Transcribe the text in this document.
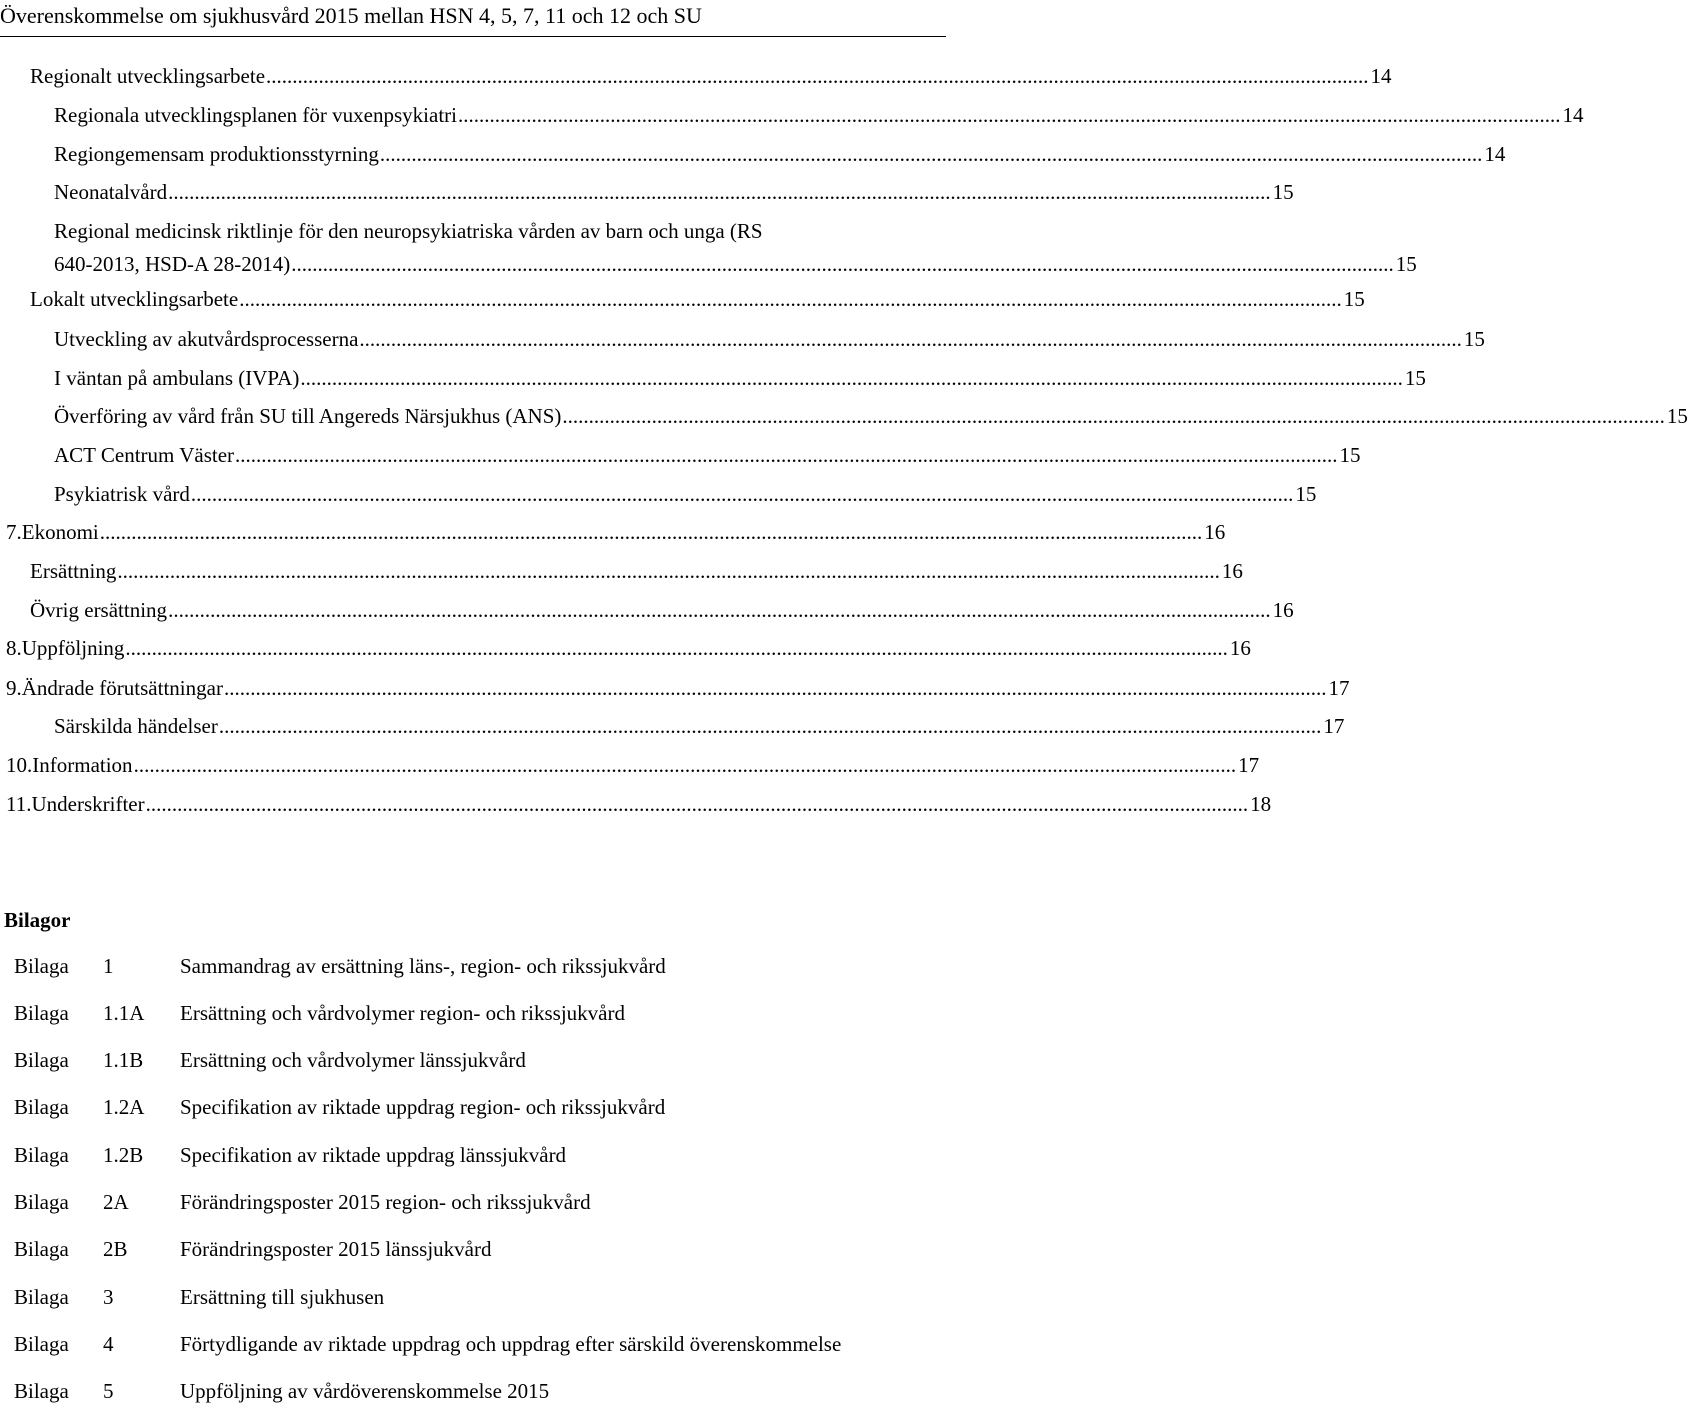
Överenskommelse om sjukhusvård 2015 mellan HSN 4, 5, 7, 11 och 12 och SU
Regionalt utvecklingsarbete .................................................................................................................................................................................................................. 14
Regionala utvecklingsplanen för vuxenpsykiatri .................................................................................................................................................................................................................. 14
Regiongemensam produktionsstyrning .................................................................................................................................................................................................................. 14
Neonatalvård .................................................................................................................................................................................................................. 15
Regional medicinsk riktlinje för den neuropsykiatriska vården av barn och unga (RS
640-2013, HSD-A 28-2014) .................................................................................................................................................................................................................. 15
Lokalt utvecklingsarbete .................................................................................................................................................................................................................. 15
Utveckling av akutvårdsprocesserna .................................................................................................................................................................................................................. 15
I väntan på ambulans (IVPA) .................................................................................................................................................................................................................. 15
Överföring av vård från SU till Angereds Närsjukhus (ANS) .................................................................................................................................................................................................................. 15
ACT Centrum Väster .................................................................................................................................................................................................................. 15
Psykiatrisk vård .................................................................................................................................................................................................................. 15
7. Ekonomi .................................................................................................................................................................................................................. 16
Ersättning .................................................................................................................................................................................................................. 16
Övrig ersättning .................................................................................................................................................................................................................. 16
8. Uppföljning .................................................................................................................................................................................................................. 16
9. Ändrade förutsättningar .................................................................................................................................................................................................................. 17
Särskilda händelser .................................................................................................................................................................................................................. 17
10. Information .................................................................................................................................................................................................................. 17
11. Underskrifter .................................................................................................................................................................................................................. 18
Bilagor
Bilaga 1	Sammandrag av ersättning läns-, region- och rikssjukvård
Bilaga 1.1A Ersättning och vårdvolymer region- och rikssjukvård
Bilaga 1.1B Ersättning och vårdvolymer länssjukvård
Bilaga 1.2A Specifikation av riktade uppdrag region- och rikssjukvård
Bilaga 1.2B Specifikation av riktade uppdrag länssjukvård
Bilaga 2A Förändringsposter 2015 region- och rikssjukvård
Bilaga 2B Förändringsposter 2015 länssjukvård
Bilaga 3	Ersättning till sjukhusen
Bilaga 4	Förtydligande av riktade uppdrag och uppdrag efter särskild överenskommelse
Bilaga 5	Uppföljning av vårdöverenskommelse 2015
